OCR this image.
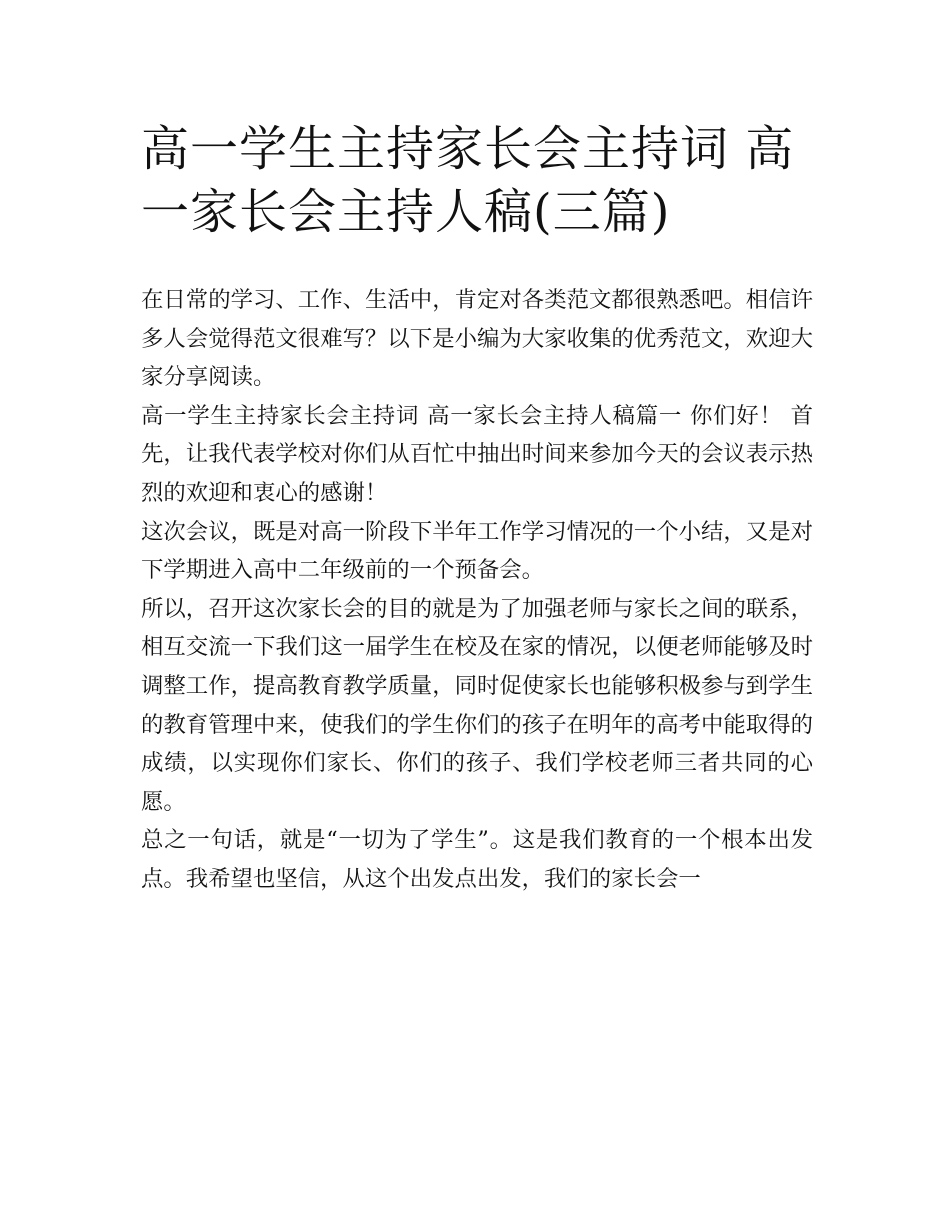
高一学生主持家长会主持词 高一家长会主持人稿(三篇)

在日常的学习、工作、生活中，肯定对各类范文都很熟悉吧。相信许多人会觉得范文很难写？以下是小编为大家收集的优秀范文，欢迎大家分享阅读。

高一学生主持家长会主持词 高一家长会主持人稿篇一 你们好！ 首先，让我代表学校对你们从百忙中抽出时间来参加今天的会议表示热烈的欢迎和衷心的感谢！

这次会议，既是对高一阶段下半年工作学习情况的一个小结，又是对下学期进入高中二年级前的一个预备会。

所以，召开这次家长会的目的就是为了加强老师与家长之间的联系，相互交流一下我们这一届学生在校及在家的情况，以便老师能够及时调整工作，提高教育教学质量，同时促使家长也能够积极参与到学生的教育管理中来，使我们的学生你们的孩子在明年的高考中能取得的成绩，以实现你们家长、你们的孩子、我们学校老师三者共同的心愿。

总之一句话，就是“一切为了学生”。这是我们教育的一个根本出发点。我希望也坚信，从这个出发点出发，我们的家长会一
